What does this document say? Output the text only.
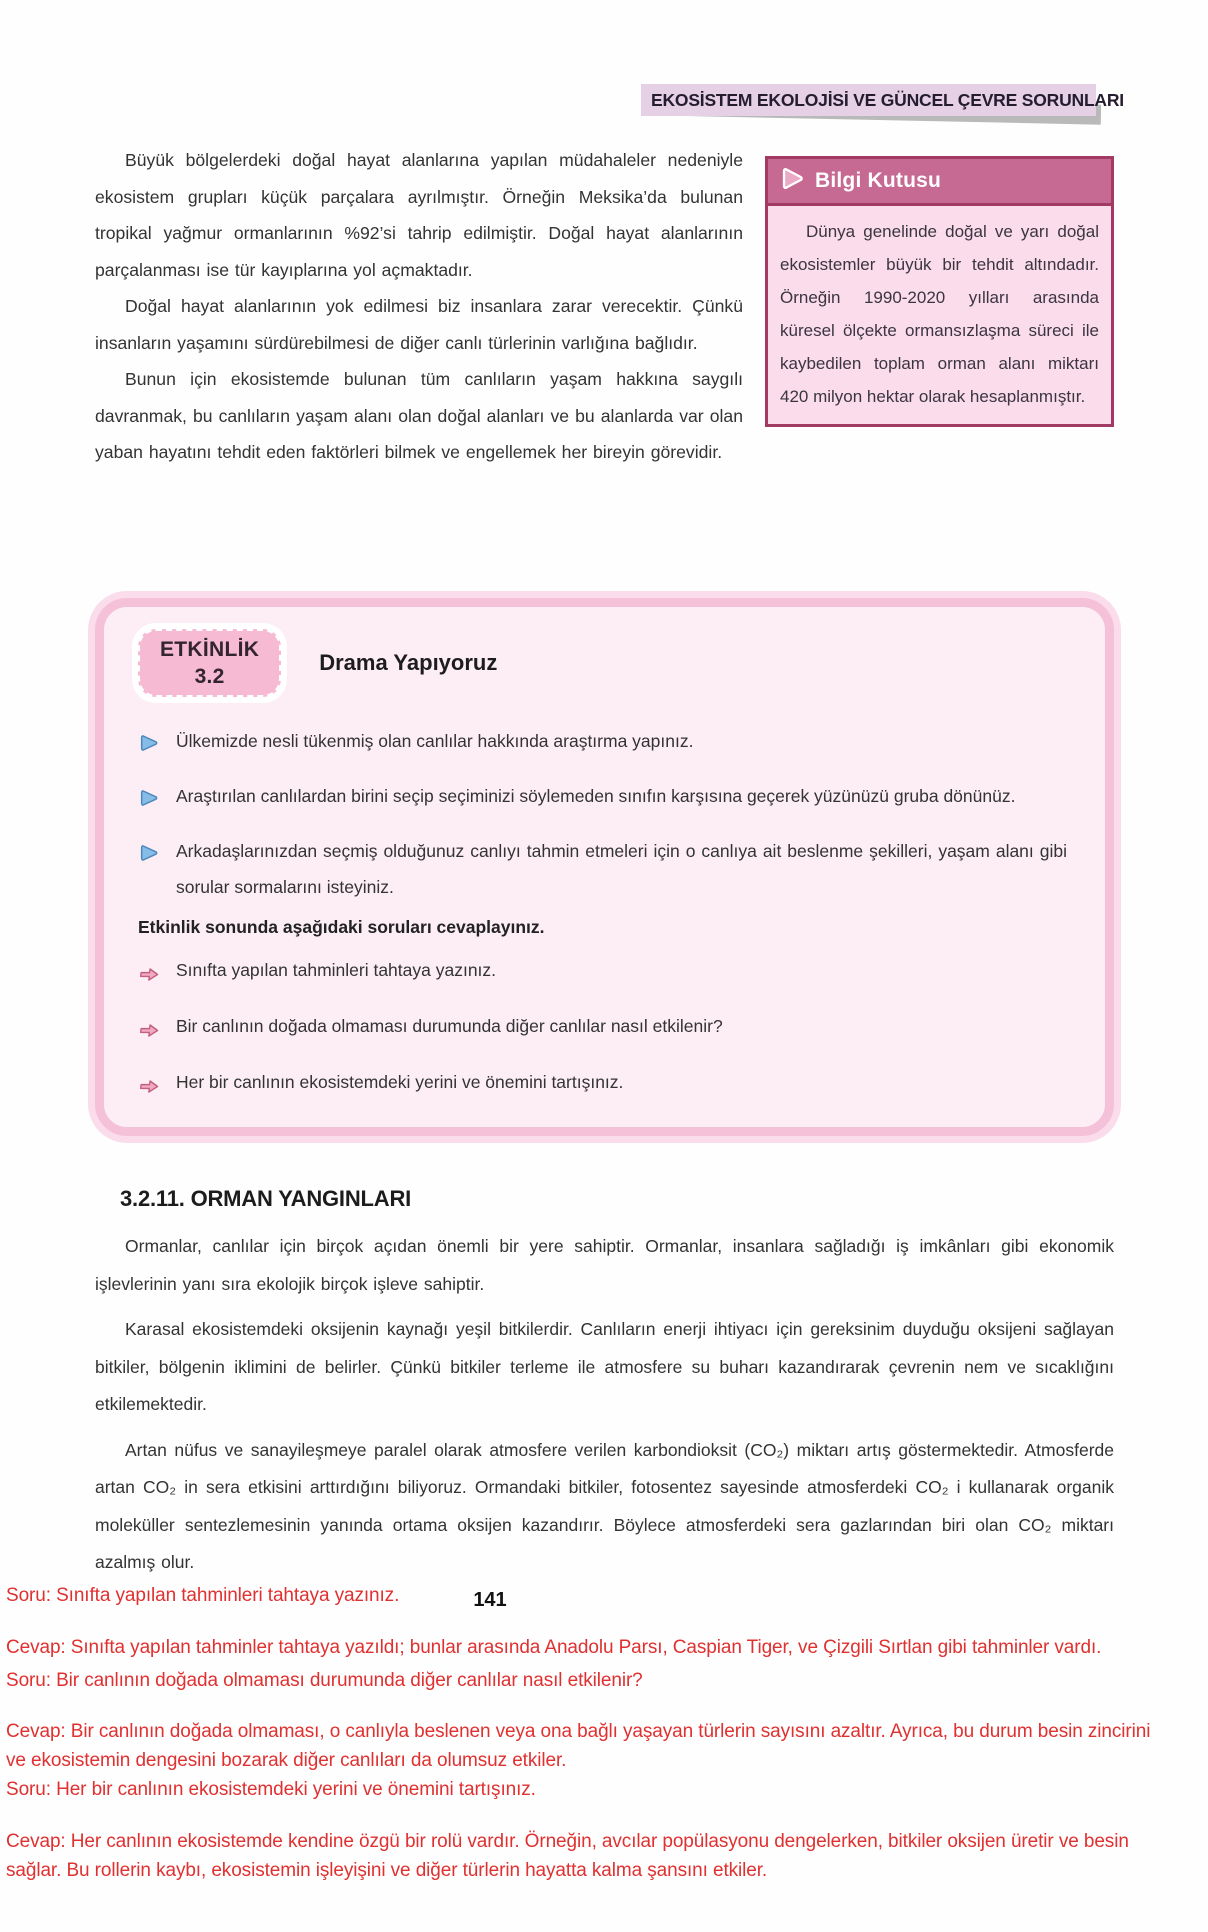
EKOSİSTEM EKOLOJİSİ VE GÜNCEL ÇEVRE SORUNLARI
Bilgi Kutusu

Dünya genelinde doğal ve yarı doğal ekosistemler büyük bir tehdit altındadır. Örneğin 1990-2020 yılları arasında küresel ölçekte ormansızlaşma süreci ile kaybedilen toplam orman alanı miktarı 420 milyon hektar olarak hesaplanmıştır.

Büyük bölgelerdeki doğal hayat alanlarına yapılan müdahaleler nedeniyle ekosistem grupları küçük parçalara ayrılmıştır. Örneğin Meksika’da bulunan tropikal yağmur ormanlarının %92’si tahrip edilmiştir. Doğal hayat alanlarının parçalanması ise tür kayıplarına yol açmaktadır.

Doğal hayat alanlarının yok edilmesi biz insanlara zarar verecektir. Çünkü insanların yaşamını sürdürebilmesi de diğer canlı türlerinin varlığına bağlıdır.

Bunun için ekosistemde bulunan tüm canlıların yaşam hakkına saygılı davranmak, bu canlıların yaşam alanı olan doğal alanları ve bu alanlarda var olan yaban hayatını tehdit eden faktörleri bilmek ve engellemek her bireyin görevidir.

ETKİNLİK
3.2
Drama Yapıyoruz
Ülkemizde nesli tükenmiş olan canlılar hakkında araştırma yapınız.
Araştırılan canlılardan birini seçip seçiminizi söylemeden sınıfın karşısına geçerek yüzünüzü gruba dönünüz.
Arkadaşlarınızdan seçmiş olduğunuz canlıyı tahmin etmeleri için o canlıya ait beslenme şekilleri, yaşam alanı gibi sorular sormalarını isteyiniz.
Etkinlik sonunda aşağıdaki soruları cevaplayınız.
Sınıfta yapılan tahminleri tahtaya yazınız.
Bir canlının doğada olmaması durumunda diğer canlılar nasıl etkilenir?
Her bir canlının ekosistemdeki yerini ve önemini tartışınız.
3.2.11. ORMAN YANGINLARI

Ormanlar, canlılar için birçok açıdan önemli bir yere sahiptir. Ormanlar, insanlara sağladığı iş imkânları gibi ekonomik işlevlerinin yanı sıra ekolojik birçok işleve sahiptir.

Karasal ekosistemdeki oksijenin kaynağı yeşil bitkilerdir. Canlıların enerji ihtiyacı için gereksinim duyduğu oksijeni sağlayan bitkiler, bölgenin iklimini de belirler. Çünkü bitkiler terleme ile atmosfere su buharı kazandırarak çevrenin nem ve sıcaklığını etkilemektedir.

Artan nüfus ve sanayileşmeye paralel olarak atmosfere verilen karbondioksit (CO₂) miktarı artış göstermektedir. Atmosferde artan CO₂ in sera etkisini arttırdığını biliyoruz. Ormandaki bitkiler, fotosentez sayesinde atmosferdeki CO₂ i kullanarak organik moleküller sentezlemesinin yanında ortama oksijen kazandırır. Böylece atmosferdeki sera gazlarından biri olan CO₂ miktarı azalmış olur.

141

Soru: Sınıfta yapılan tahminleri tahtaya yazınız.

Cevap: Sınıfta yapılan tahminler tahtaya yazıldı; bunlar arasında Anadolu Parsı, Caspian Tiger, ve Çizgili Sırtlan gibi tahminler vardı.

Soru: Bir canlının doğada olmaması durumunda diğer canlılar nasıl etkilenir?

Cevap: Bir canlının doğada olmaması, o canlıyla beslenen veya ona bağlı yaşayan türlerin sayısını azaltır. Ayrıca, bu durum besin zincirini ve ekosistemin dengesini bozarak diğer canlıları da olumsuz etkiler.

Soru: Her bir canlının ekosistemdeki yerini ve önemini tartışınız.

Cevap: Her canlının ekosistemde kendine özgü bir rolü vardır. Örneğin, avcılar popülasyonu dengelerken, bitkiler oksijen üretir ve besin sağlar. Bu rollerin kaybı, ekosistemin işleyişini ve diğer türlerin hayatta kalma şansını etkiler.
